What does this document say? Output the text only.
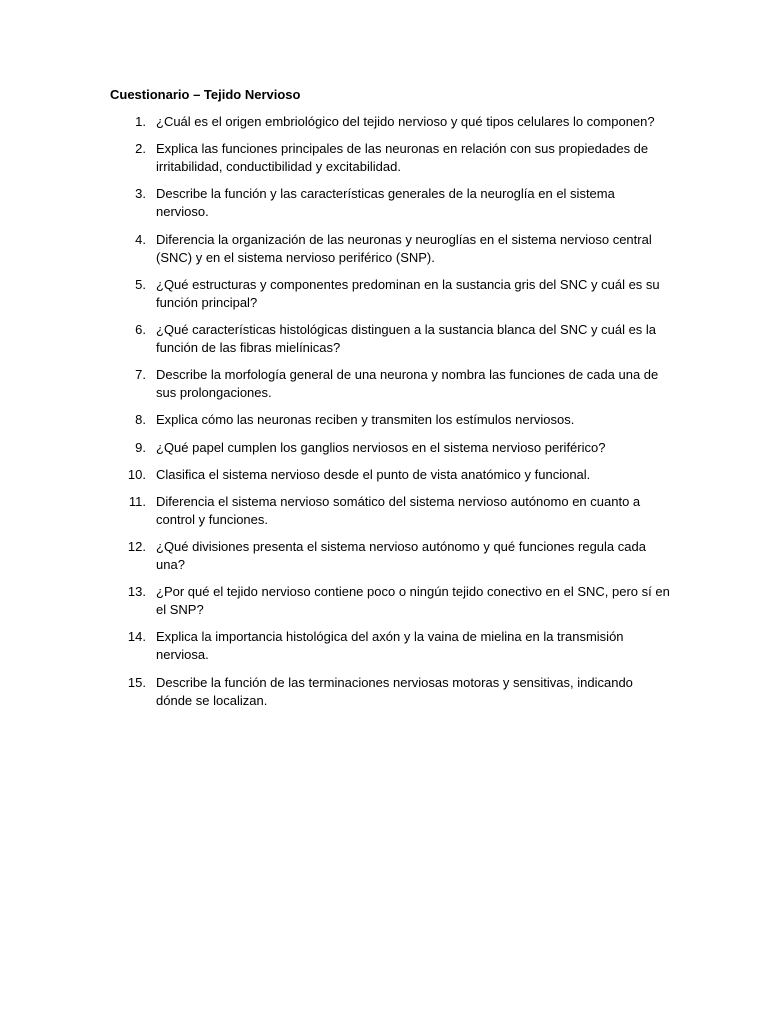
Cuestionario – Tejido Nervioso
1. ¿Cuál es el origen embriológico del tejido nervioso y qué tipos celulares lo componen?
2. Explica las funciones principales de las neuronas en relación con sus propiedades de irritabilidad, conductibilidad y excitabilidad.
3. Describe la función y las características generales de la neuroglía en el sistema nervioso.
4. Diferencia la organización de las neuronas y neuroglías en el sistema nervioso central (SNC) y en el sistema nervioso periférico (SNP).
5. ¿Qué estructuras y componentes predominan en la sustancia gris del SNC y cuál es su función principal?
6. ¿Qué características histológicas distinguen a la sustancia blanca del SNC y cuál es la función de las fibras mielínicas?
7. Describe la morfología general de una neurona y nombra las funciones de cada una de sus prolongaciones.
8. Explica cómo las neuronas reciben y transmiten los estímulos nerviosos.
9. ¿Qué papel cumplen los ganglios nerviosos en el sistema nervioso periférico?
10. Clasifica el sistema nervioso desde el punto de vista anatómico y funcional.
11. Diferencia el sistema nervioso somático del sistema nervioso autónomo en cuanto a control y funciones.
12. ¿Qué divisiones presenta el sistema nervioso autónomo y qué funciones regula cada una?
13. ¿Por qué el tejido nervioso contiene poco o ningún tejido conectivo en el SNC, pero sí en el SNP?
14. Explica la importancia histológica del axón y la vaina de mielina en la transmisión nerviosa.
15. Describe la función de las terminaciones nerviosas motoras y sensitivas, indicando dónde se localizan.
